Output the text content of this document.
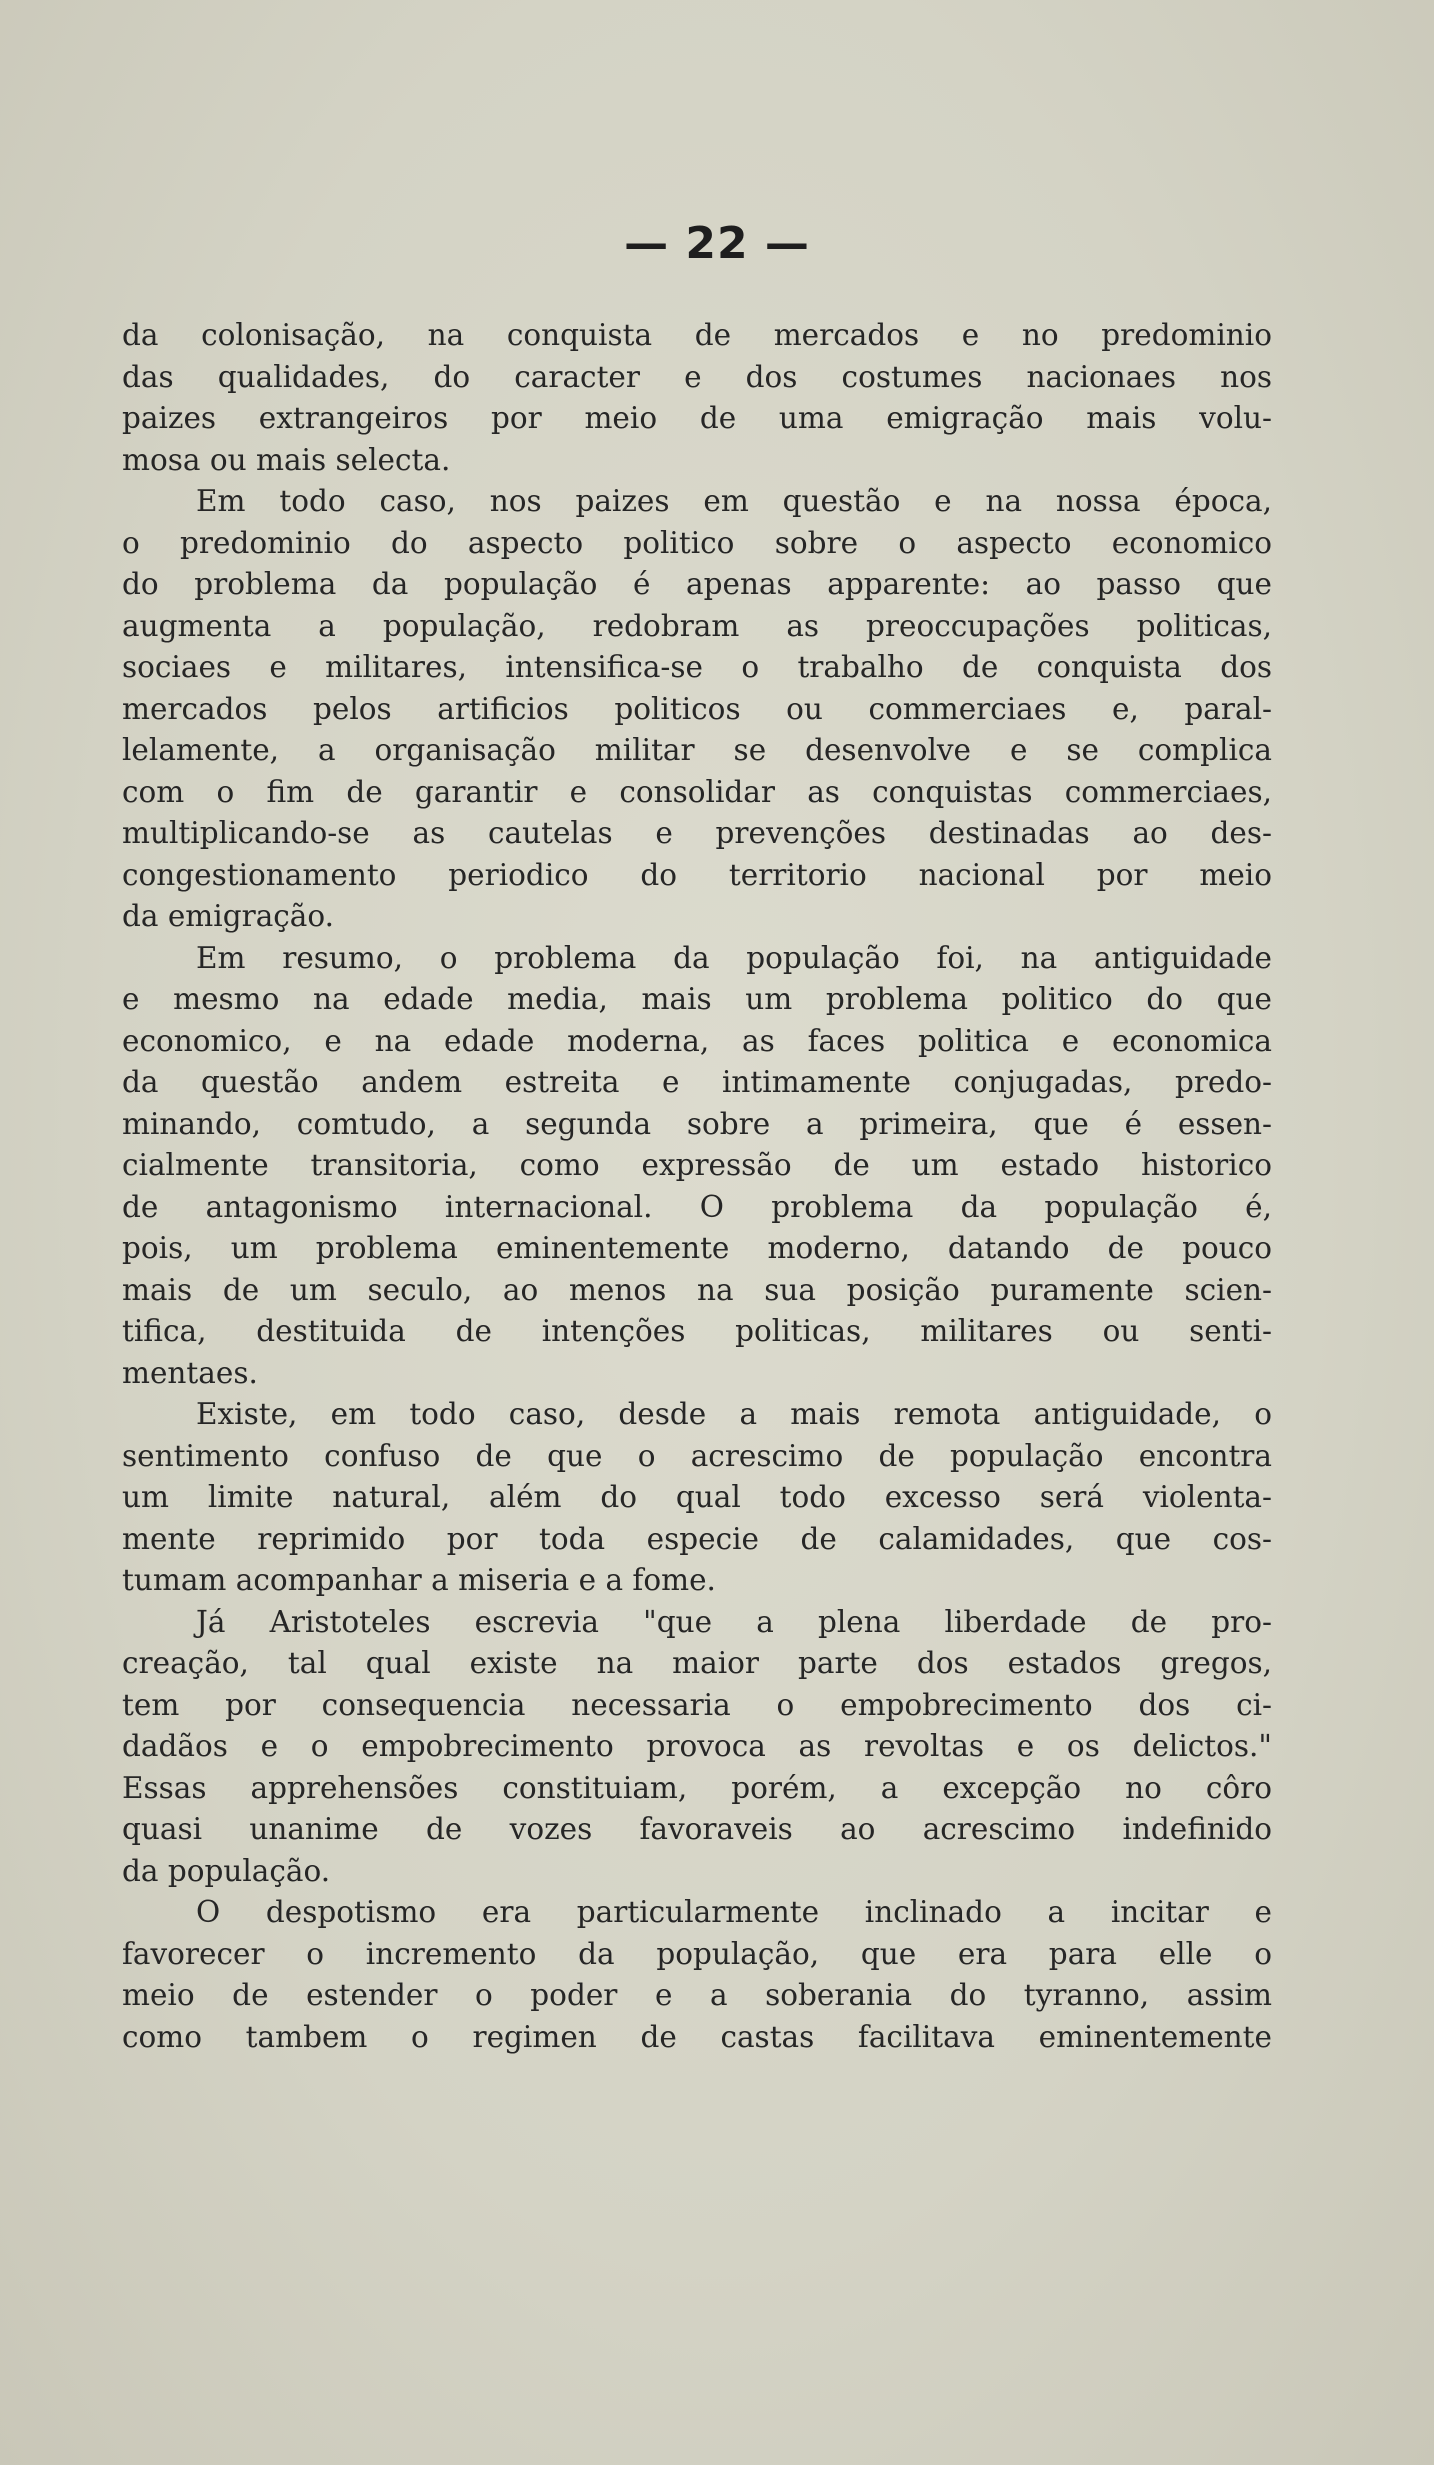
— 22 —

da colonisação, na conquista de mercados e no predominio
das qualidades, do caracter e dos costumes nacionaes nos
paizes extrangeiros por meio de uma emigração mais volu-
mosa ou mais selecta.

Em todo caso, nos paizes em questão e na nossa época,
o predominio do aspecto politico sobre o aspecto economico
do problema da população é apenas apparente: ao passo que
augmenta a população, redobram as preoccupações politicas,
sociaes e militares, intensifica-se o trabalho de conquista dos
mercados pelos artificios politicos ou commerciaes e, paral-
lelamente, a organisação militar se desenvolve e se complica
com o fim de garantir e consolidar as conquistas commerciaes,
multiplicando-se as cautelas e prevenções destinadas ao des-
congestionamento periodico do territorio nacional por meio
da emigração.

Em resumo, o problema da população foi, na antiguidade
e mesmo na edade media, mais um problema politico do que
economico, e na edade moderna, as faces politica e economica
da questão andem estreita e intimamente conjugadas, predo-
minando, comtudo, a segunda sobre a primeira, que é essen-
cialmente transitoria, como expressão de um estado historico
de antagonismo internacional. O problema da população é,
pois, um problema eminentemente moderno, datando de pouco
mais de um seculo, ao menos na sua posição puramente scien-
tifica, destituida de intenções politicas, militares ou senti-
mentaes.

Existe, em todo caso, desde a mais remota antiguidade, o
sentimento confuso de que o acrescimo de população encontra
um limite natural, além do qual todo excesso será violenta-
mente reprimido por toda especie de calamidades, que cos-
tumam acompanhar a miseria e a fome.

Já Aristoteles escrevia "que a plena liberdade de pro-
creação, tal qual existe na maior parte dos estados gregos,
tem por consequencia necessaria o empobrecimento dos ci-
dadãos e o empobrecimento provoca as revoltas e os delictos."
Essas apprehensões constituiam, porém, a excepção no côro
quasi unanime de vozes favoraveis ao acrescimo indefinido
da população.

O despotismo era particularmente inclinado a incitar e
favorecer o incremento da população, que era para elle o
meio de estender o poder e a soberania do tyranno, assim
como tambem o regimen de castas facilitava eminentemente
